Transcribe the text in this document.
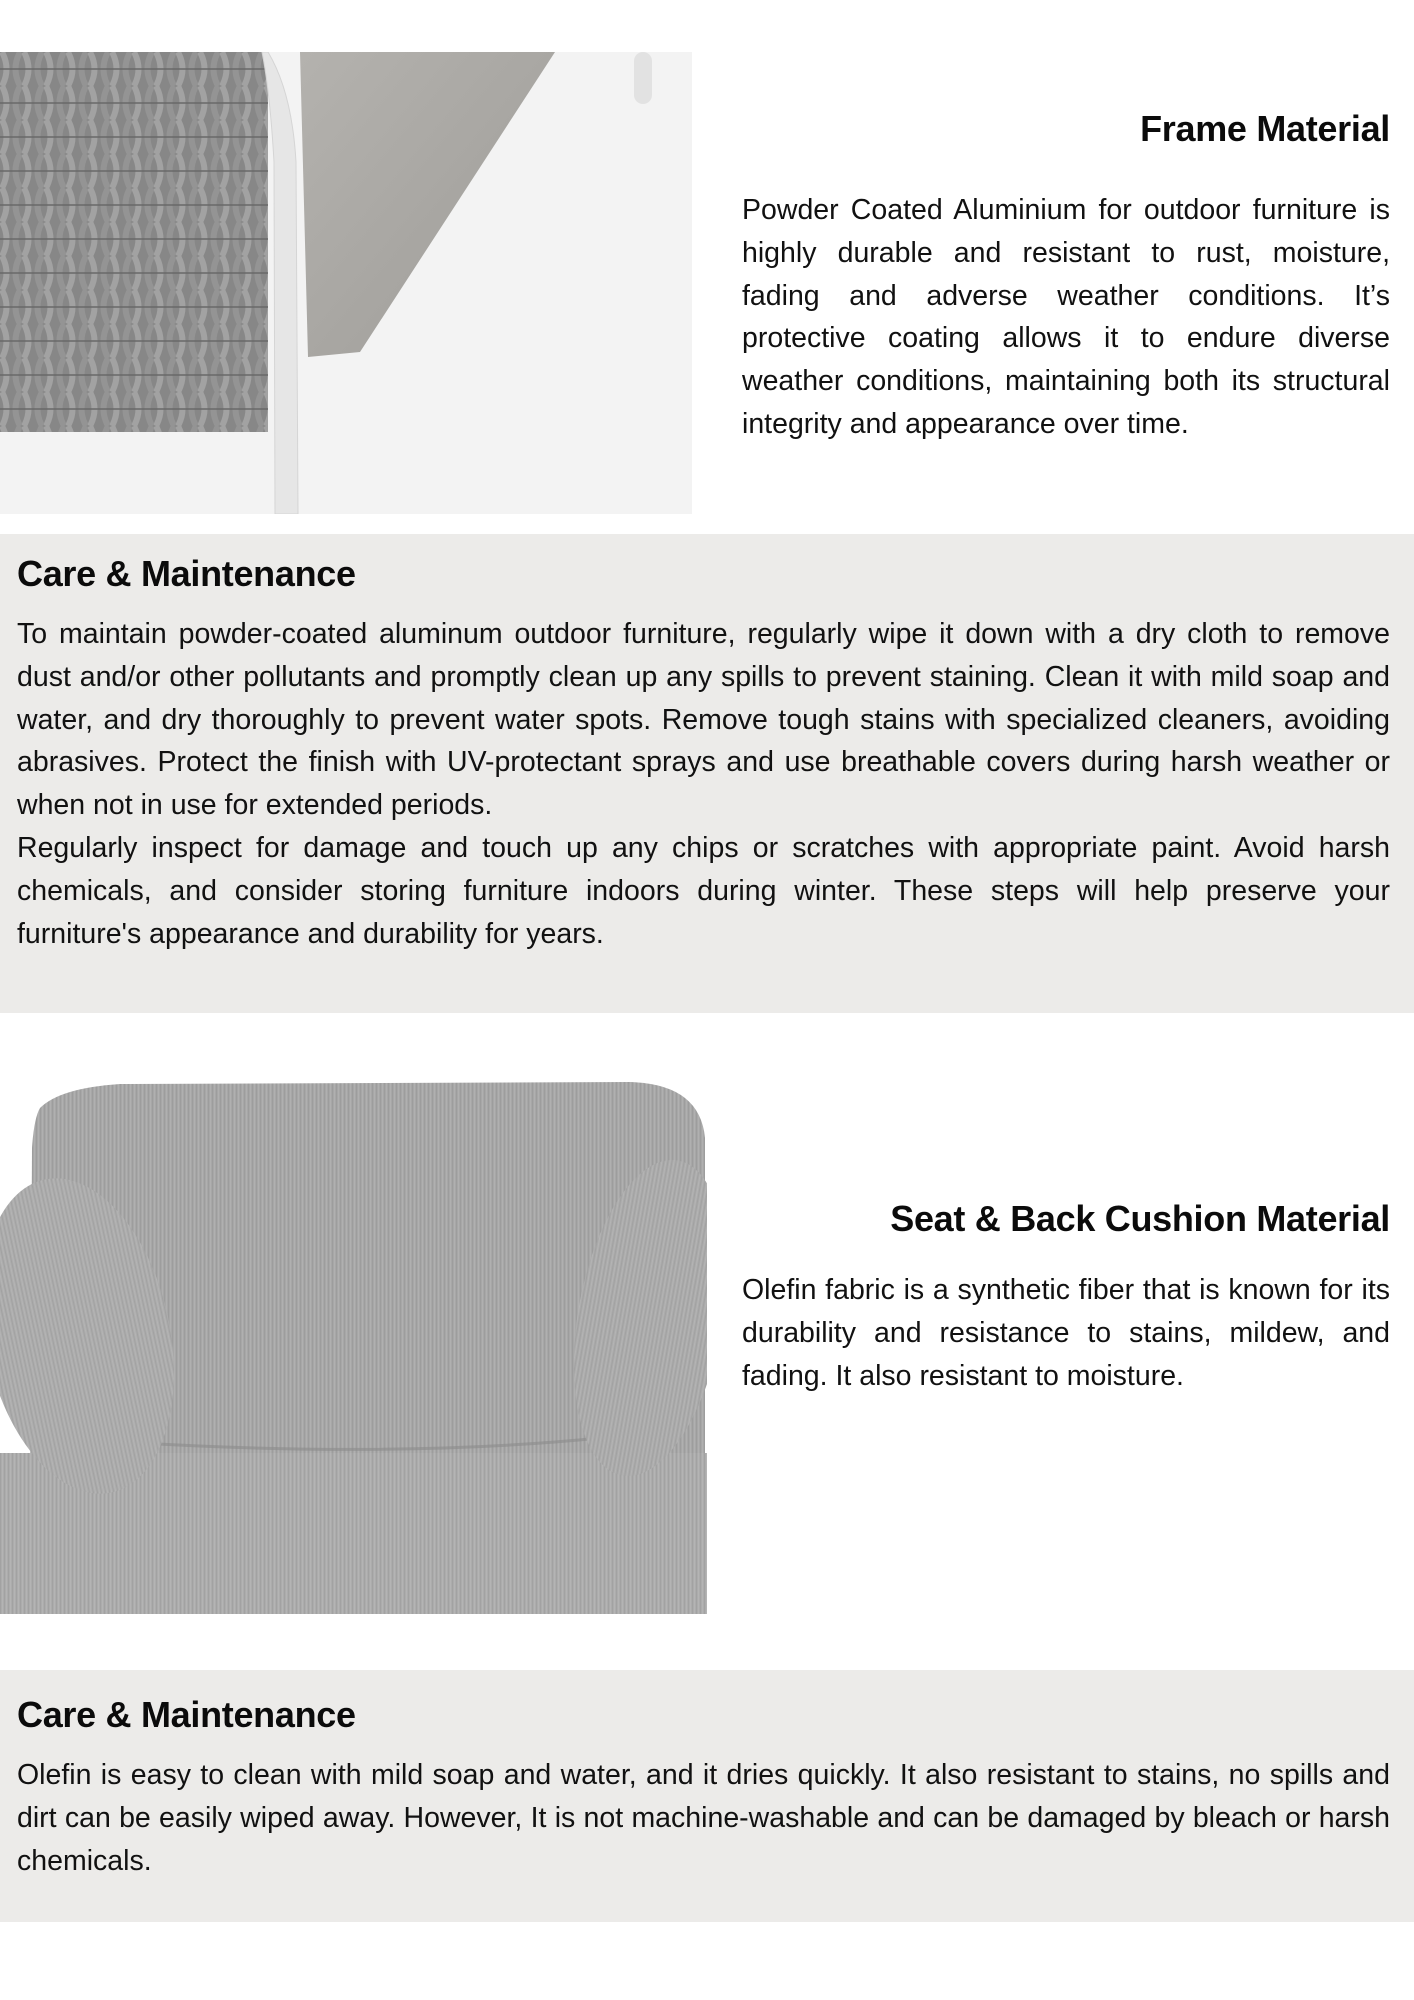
Frame Material
Powder Coated Aluminium for outdoor furniture is highly durable and resistant to rust, moisture, fading and adverse weather conditions. It’s protective coating allows it to endure diverse weather conditions, maintaining both its structural integrity and appearance over time.
Care & Maintenance

To maintain powder-coated aluminum outdoor furniture, regularly wipe it down with a dry cloth to remove dust and/or other pollutants and promptly clean up any spills to prevent staining. Clean it with mild soap and water, and dry thoroughly to prevent water spots. Remove tough stains with specialized cleaners, avoiding abrasives. Protect the finish with UV-protectant sprays and use breathable covers during harsh weather or when not in use for extended periods.

Regularly inspect for damage and touch up any chips or scratches with appropriate paint. Avoid harsh chemicals, and consider storing furniture indoors during winter. These steps will help preserve your furniture's appearance and durability for years.

Seat & Back Cushion Material
Olefin fabric is a synthetic fiber that is known for its durability and resistance to stains, mildew, and fading. It also resistant to moisture.
Care & Maintenance
Olefin is easy to clean with mild soap and water, and it dries quickly. It also resistant to stains, no spills and dirt can be easily wiped away. However, It is not machine-washable and can be damaged by bleach or harsh chemicals.
